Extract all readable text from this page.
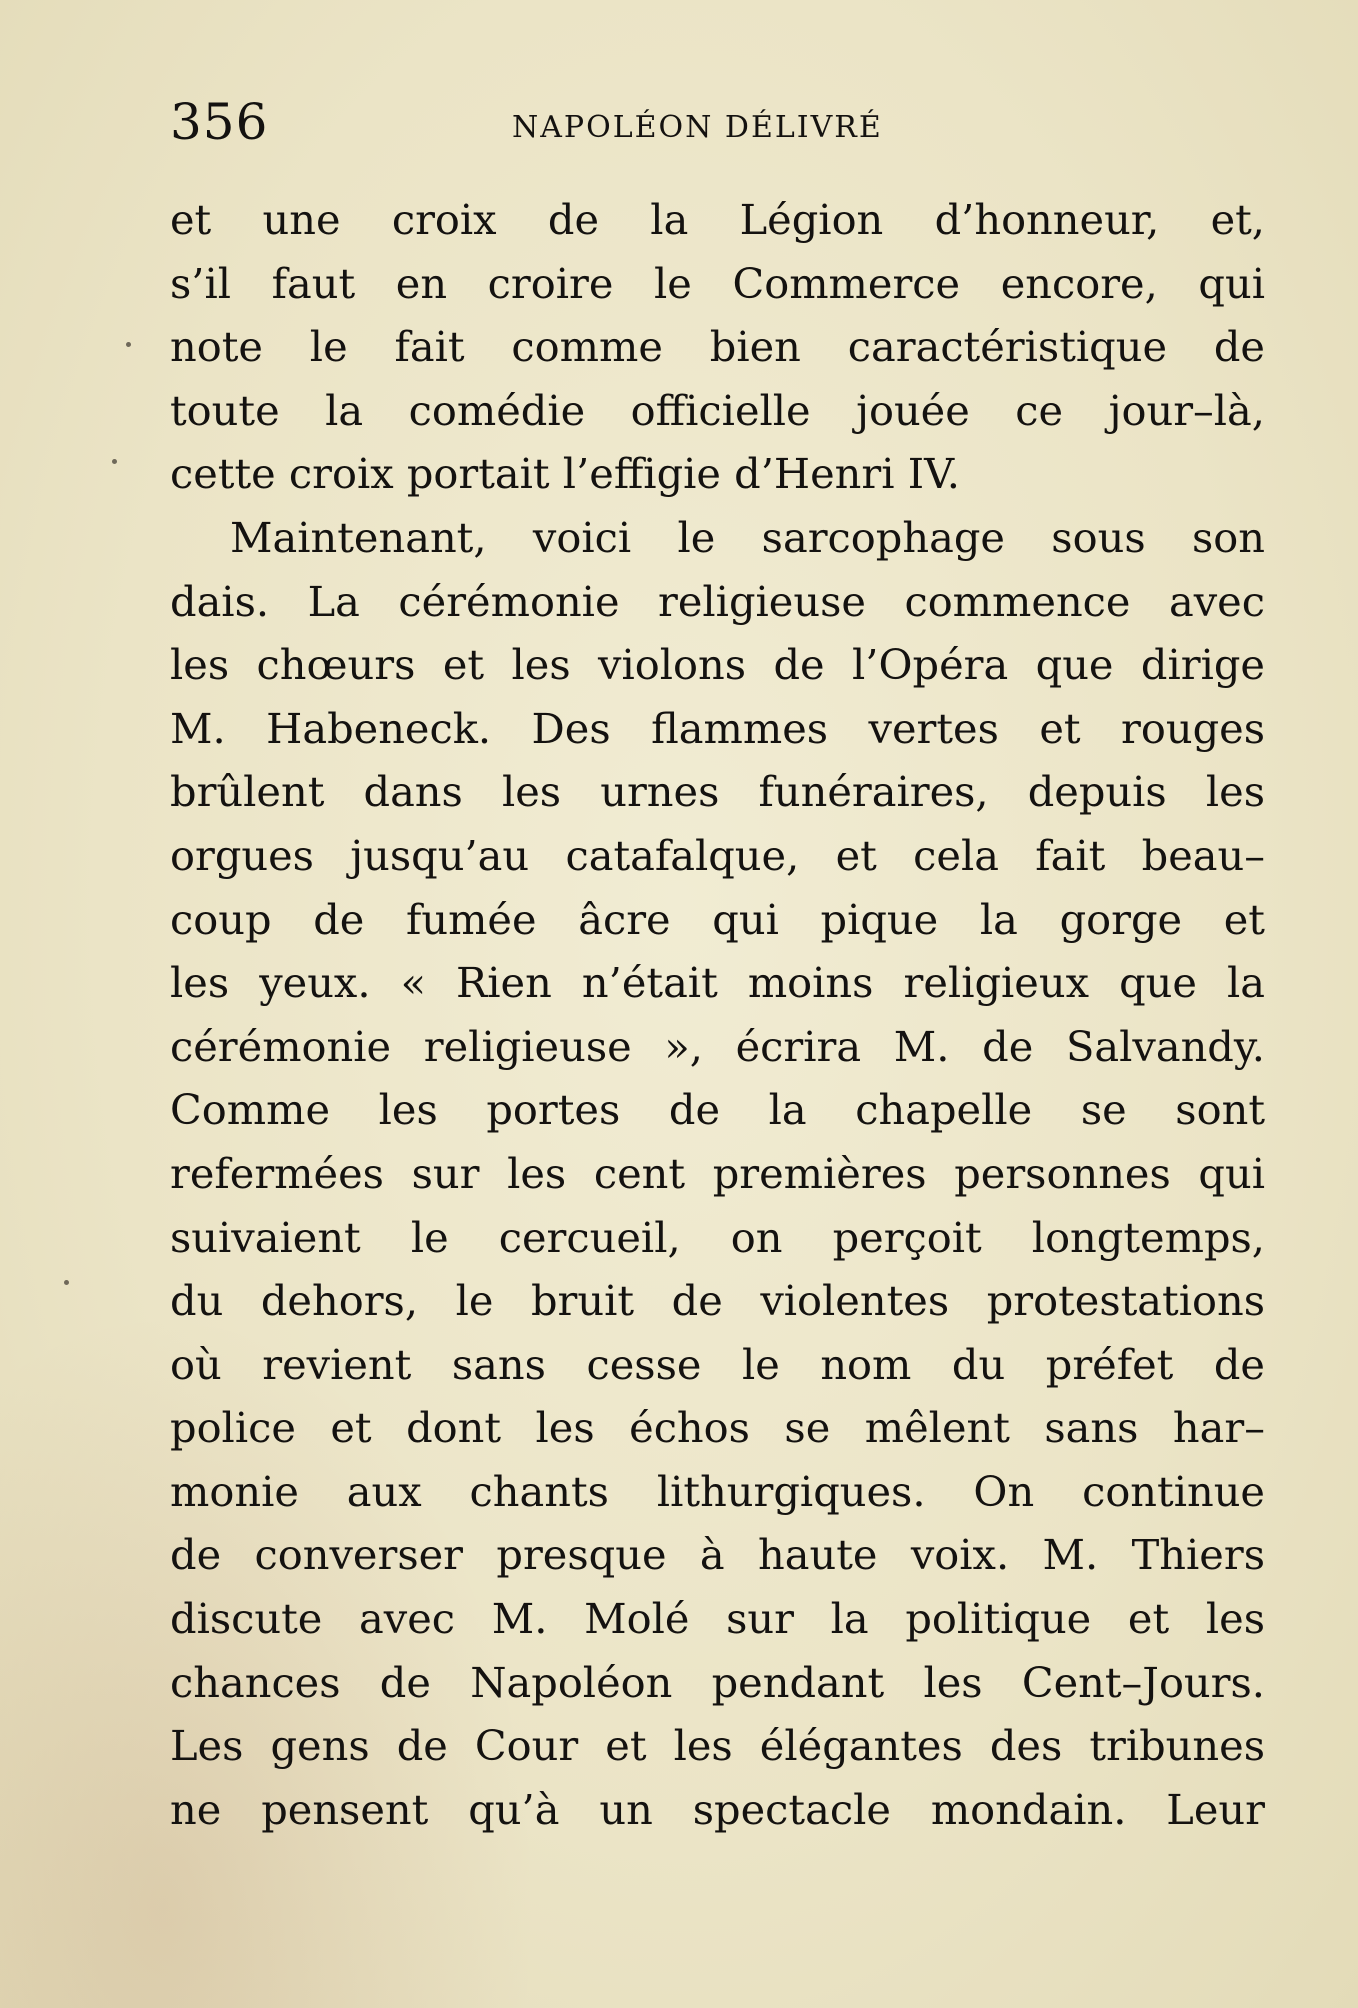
356	NAPOLÉON DÉLIVRÉ
et une croix de la Légion d’honneur, et,
s’il faut en croire le Commerce encore, qui
note le fait comme bien caractéristique de
toute la comédie officielle jouée ce jour–là,
cette croix portait l’effigie d’Henri IV.
Maintenant, voici le sarcophage sous son
dais. La cérémonie religieuse commence avec
les chœurs et les violons de l’Opéra que dirige
M. Habeneck. Des flammes vertes et rouges
brûlent dans les urnes funéraires, depuis les
orgues jusqu’au catafalque, et cela fait beau–
coup de fumée âcre qui pique la gorge et
les yeux. « Rien n’était moins religieux que la
cérémonie religieuse », écrira M. de Salvandy.
Comme les portes de la chapelle se sont
refermées sur les cent premières personnes qui
suivaient le cercueil, on perçoit longtemps,
du dehors, le bruit de violentes protestations
où revient sans cesse le nom du préfet de
police et dont les échos se mêlent sans har–
monie aux chants lithurgiques. On continue
de converser presque à haute voix. M. Thiers
discute avec M. Molé sur la politique et les
chances de Napoléon pendant les Cent–Jours.
Les gens de Cour et les élégantes des tribunes
ne pensent qu’à un spectacle mondain. Leur
